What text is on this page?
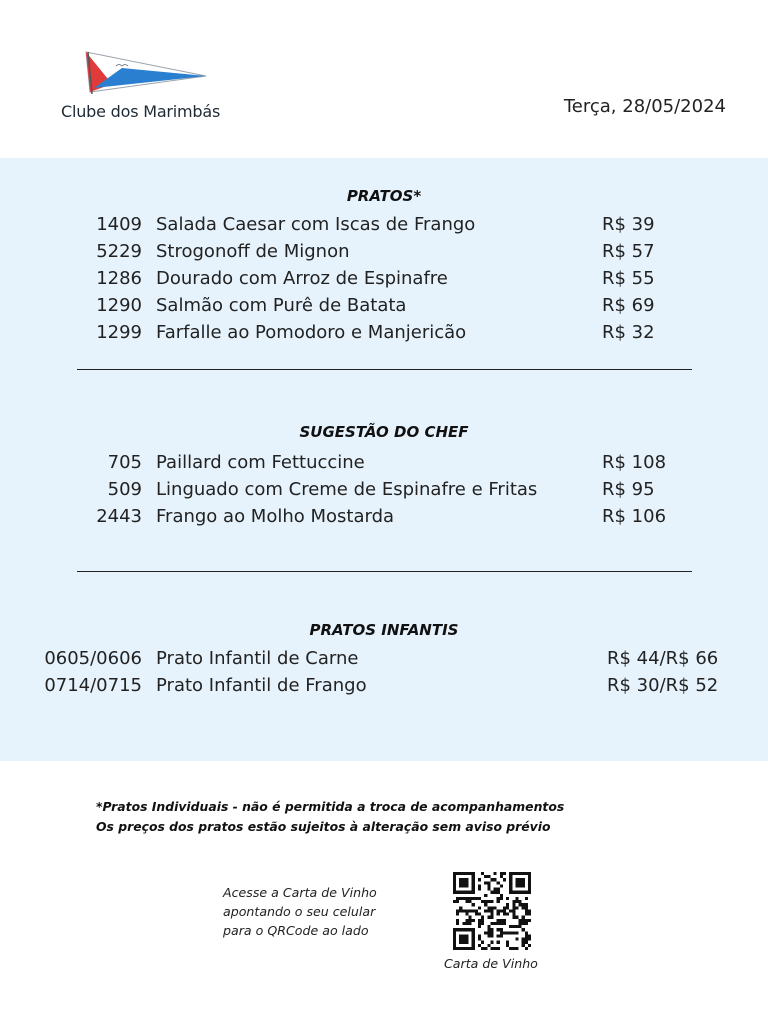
Clube dos Marimbás	Terça, 28/05/2024
PRATOS*
1409 Salada Caesar com Iscas de Frango	R$ 39
5229 Strogonoff de Mignon	R$ 57
1286 Dourado com Arroz de Espinafre	R$ 55
1290 Salmão com Purê de Batata	R$ 69
1299 Farfalle ao Pomodoro e Manjericão	R$ 32
SUGESTÃO DO CHEF
705 Paillard com Fettuccine	R$ 108
509 Linguado com Creme de Espinafre e Fritas	R$ 95
2443 Frango ao Molho Mostarda	R$ 106
PRATOS INFANTIS
0605/0606 Prato Infantil de Carne	R$ 44/R$ 66
0714/0715 Prato Infantil de Frango	R$ 30/R$ 52
*Pratos Individuais - não é permitida a troca de acompanhamentos
Os preços dos pratos estão sujeitos à alteração sem aviso prévio
Acesse a Carta de Vinho
apontando o seu celular
para o QRCode ao lado
Carta de Vinho
